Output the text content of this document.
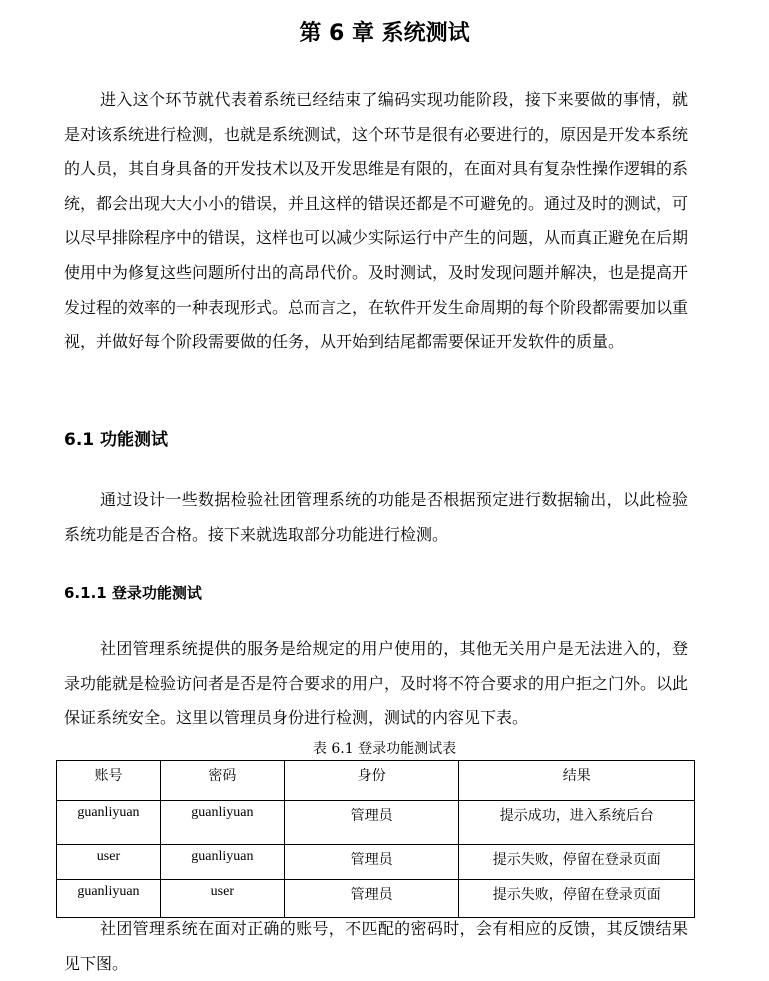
第 6 章 系统测试

进入这个环节就代表着系统已经结束了编码实现功能阶段，接下来要做的事情，就是对该系统进行检测，也就是系统测试，这个环节是很有必要进行的，原因是开发本系统的人员，其自身具备的开发技术以及开发思维是有限的，在面对具有复杂性操作逻辑的系统，都会出现大大小小的错误，并且这样的错误还都是不可避免的。通过及时的测试，可以尽早排除程序中的错误，这样也可以减少实际运行中产生的问题，从而真正避免在后期使用中为修复这些问题所付出的高昂代价。及时测试，及时发现问题并解决，也是提高开发过程的效率的一种表现形式。总而言之，在软件开发生命周期的每个阶段都需要加以重视，并做好每个阶段需要做的任务，从开始到结尾都需要保证开发软件的质量。

6.1 功能测试

通过设计一些数据检验社团管理系统的功能是否根据预定进行数据输出，以此检验系统功能是否合格。接下来就选取部分功能进行检测。

6.1.1 登录功能测试

社团管理系统提供的服务是给规定的用户使用的，其他无关用户是无法进入的，登录功能就是检验访问者是否是符合要求的用户，及时将不符合要求的用户拒之门外。以此保证系统安全。这里以管理员身份进行检测，测试的内容见下表。

表 6.1 登录功能测试表
账号	密码	身份	结果
guanliyuan	guanliyuan	管理员	提示成功，进入系统后台
user	guanliyuan	管理员	提示失败，停留在登录页面
guanliyuan	user	管理员	提示失败，停留在登录页面

社团管理系统在面对正确的账号，不匹配的密码时，会有相应的反馈，其反馈结果见下图。
